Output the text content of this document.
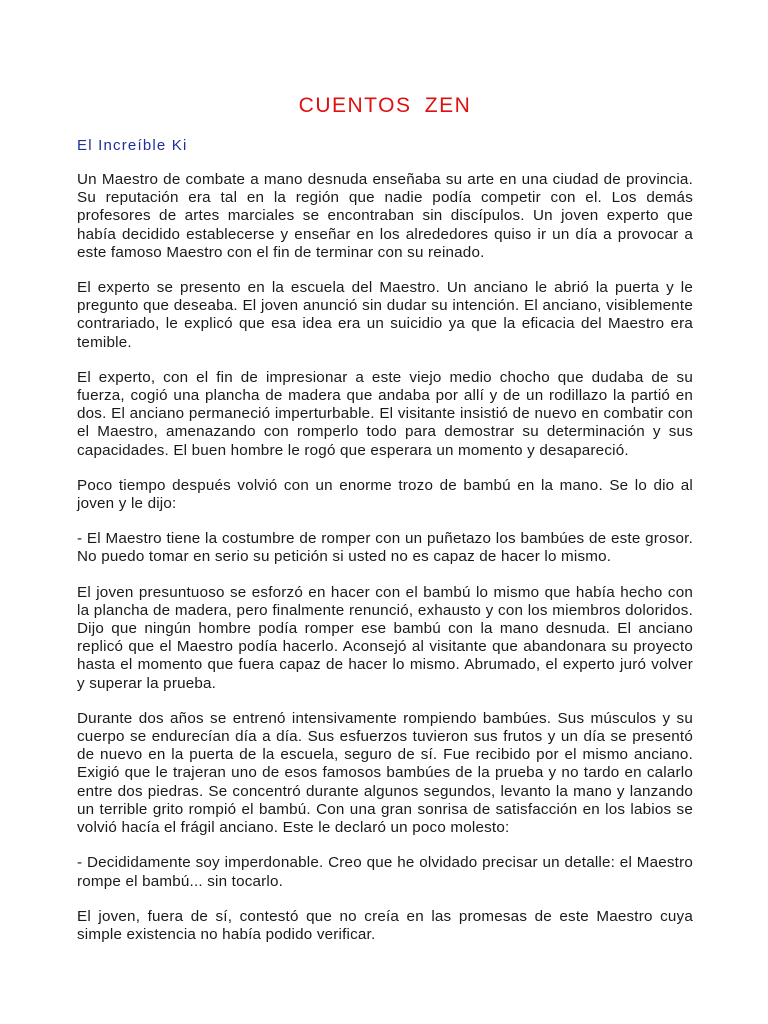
CUENTOS ZEN
El Increíble Ki

Un Maestro de combate a mano desnuda enseñaba su arte en una ciudad de provincia. Su reputación era tal en la región que nadie podía competir con el. Los demás profesores de artes marciales se encontraban sin discípulos. Un joven experto que había decidido establecerse y enseñar en los alrededores quiso ir un día a provocar a este famoso Maestro con el fin de terminar con su reinado.

El experto se presento en la escuela del Maestro. Un anciano le abrió la puerta y le pregunto que deseaba. El joven anunció sin dudar su intención. El anciano, visiblemente contrariado, le explicó que esa idea era un suicidio ya que la eficacia del Maestro era temible.

El experto, con el fin de impresionar a este viejo medio chocho que dudaba de su fuerza, cogió una plancha de madera que andaba por allí y de un rodillazo la partió en dos. El anciano permaneció imperturbable. El visitante insistió de nuevo en combatir con el Maestro, amenazando con romperlo todo para demostrar su determinación y sus capacidades. El buen hombre le rogó que esperara un momento y desapareció.

Poco tiempo después volvió con un enorme trozo de bambú en la mano. Se lo dio al joven y le dijo:

- El Maestro tiene la costumbre de romper con un puñetazo los bambúes de este grosor. No puedo tomar en serio su petición si usted no es capaz de hacer lo mismo.

El joven presuntuoso se esforzó en hacer con el bambú lo mismo que había hecho con la plancha de madera, pero finalmente renunció, exhausto y con los miembros doloridos. Dijo que ningún hombre podía romper ese bambú con la mano desnuda. El anciano replicó que el Maestro podía hacerlo. Aconsejó al visitante que abandonara su proyecto hasta el momento que fuera capaz de hacer lo mismo. Abrumado, el experto juró volver y superar la prueba.

Durante dos años se entrenó intensivamente rompiendo bambúes. Sus músculos y su cuerpo se endurecían día a día. Sus esfuerzos tuvieron sus frutos y un día se presentó de nuevo en la puerta de la escuela, seguro de sí. Fue recibido por el mismo anciano. Exigió que le trajeran uno de esos famosos bambúes de la prueba y no tardo en calarlo entre dos piedras. Se concentró durante algunos segundos, levanto la mano y lanzando un terrible grito rompió el bambú. Con una gran sonrisa de satisfacción en los labios se volvió hacía el frágil anciano. Este le declaró un poco molesto:

- Decididamente soy imperdonable. Creo que he olvidado precisar un detalle: el Maestro rompe el bambú... sin tocarlo.

El joven, fuera de sí, contestó que no creía en las promesas de este Maestro cuya simple existencia no había podido verificar.
